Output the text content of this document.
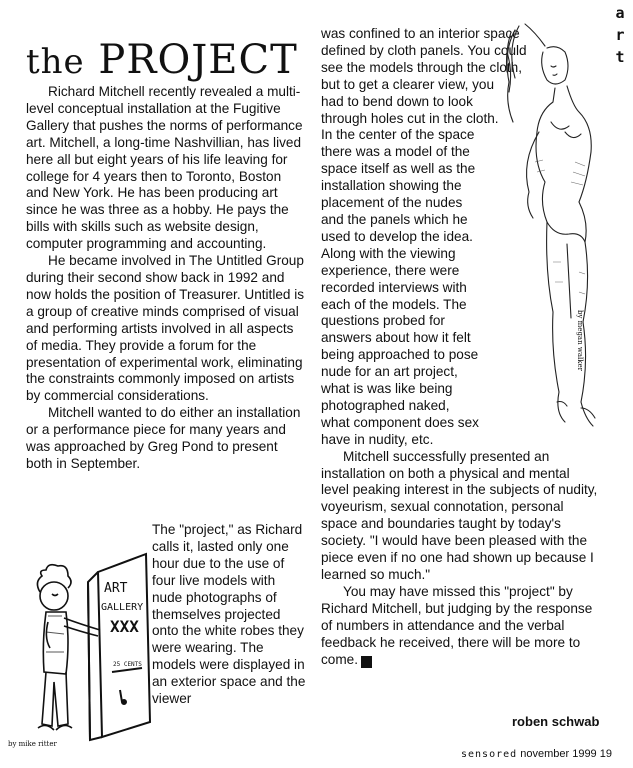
a
r
t
the PROJECT

Richard Mitchell recently revealed a multi-level conceptual installation at the Fugitive Gallery that pushes the norms of performance art. Mitchell, a long-time Nashvillian, has lived here all but eight years of his life leaving for college for 4 years then to Toronto, Boston and New York. He has been producing art since he was three as a hobby. He pays the bills with skills such as website design, computer programming and accounting.

He became involved in The Untitled Group during their second show back in 1992 and now holds the position of Treasurer. Untitled is a group of creative minds comprised of visual and performing artists involved in all aspects of media. They provide a forum for the presentation of experimental work, eliminating the constraints commonly imposed on artists by commercial considerations.

Mitchell wanted to do either an installation or a performance piece for many years and was approached by Greg Pond to present both in September.

The "project," as Richard calls it, lasted only one hour due to the use of four live models with nude photographs of themselves projected onto the white robes they were wearing. The models were displayed in an exterior space and the viewer

ART
GALLERY
XXX
25 CENTS
by mike ritter

was confined to an interior space defined by cloth panels. You could see the models through the cloth, but to get a clearer view, you had to bend down to look through holes cut in the cloth. In the center of the space there was a model of the space itself as well as the installation showing the placement of the nudes and the panels which he used to develop the idea. Along with the viewing experience, there were recorded interviews with each of the models. The questions probed for answers about how it felt being approached to pose nude for an art project, what is was like being photographed naked, what component does sex have in nudity, etc.

Mitchell successfully presented an installation on both a physical and mental level peaking interest in the subjects of nudity, voyeurism, sexual connotation, personal space and boundaries taught by today's society. "I would have been pleased with the piece even if no one had shown up because I learned so much."

You may have missed this "project" by Richard Mitchell, but judging by the response of numbers in attendance and the verbal feedback he received, there will be more to come.	S

by megan walker
roben schwab
sensored november 1999 19
